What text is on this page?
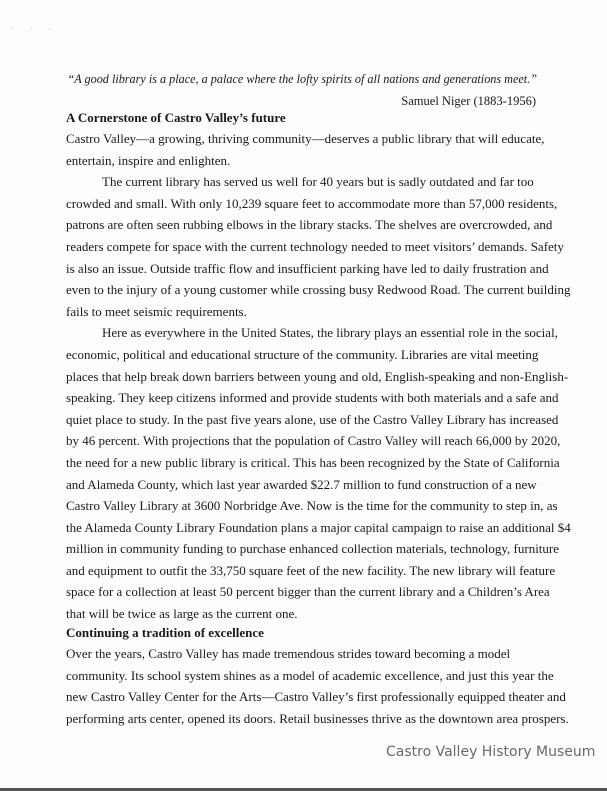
' ' '
“A good library is a place, a palace where the lofty spirits of all nations and generations meet.”
Samuel Niger (1883-1956)
A Cornerstone of Castro Valley’s future
Castro Valley—a growing, thriving community—deserves a public library that will educate,
entertain, inspire and enlighten.
The current library has served us well for 40 years but is sadly outdated and far too
crowded and small. With only 10,239 square feet to accommodate more than 57,000 residents,
patrons are often seen rubbing elbows in the library stacks. The shelves are overcrowded, and
readers compete for space with the current technology needed to meet visitors’ demands. Safety
is also an issue. Outside traffic flow and insufficient parking have led to daily frustration and
even to the injury of a young customer while crossing busy Redwood Road. The current building
fails to meet seismic requirements.
Here as everywhere in the United States, the library plays an essential role in the social,
economic, political and educational structure of the community. Libraries are vital meeting
places that help break down barriers between young and old, English-speaking and non-English-
speaking. They keep citizens informed and provide students with both materials and a safe and
quiet place to study. In the past five years alone, use of the Castro Valley Library has increased
by 46 percent. With projections that the population of Castro Valley will reach 66,000 by 2020,
the need for a new public library is critical. This has been recognized by the State of California
and Alameda County, which last year awarded $22.7 million to fund construction of a new
Castro Valley Library at 3600 Norbridge Ave. Now is the time for the community to step in, as
the Alameda County Library Foundation plans a major capital campaign to raise an additional $4
million in community funding to purchase enhanced collection materials, technology, furniture
and equipment to outfit the 33,750 square feet of the new facility. The new library will feature
space for a collection at least 50 percent bigger than the current library and a Children’s Area
that will be twice as large as the current one.
Continuing a tradition of excellence
Over the years, Castro Valley has made tremendous strides toward becoming a model
community. Its school system shines as a model of academic excellence, and just this year the
new Castro Valley Center for the Arts—Castro Valley’s first professionally equipped theater and
performing arts center, opened its doors. Retail businesses thrive as the downtown area prospers.
Castro Valley History Museum
